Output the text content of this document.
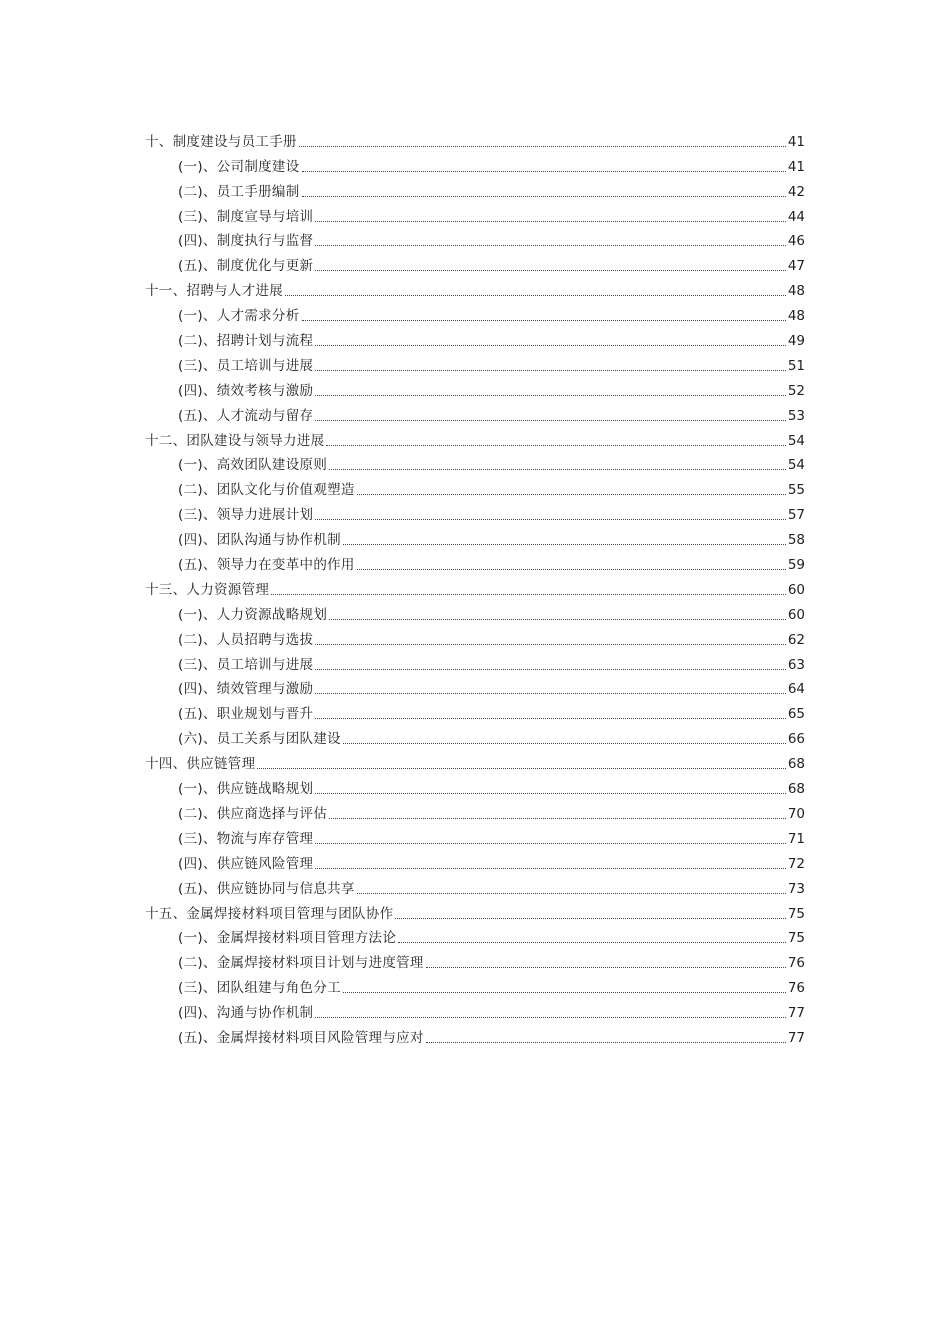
十、制度建设与员工手册	41
(一)、公司制度建设	41
(二)、员工手册编制	42
(三)、制度宣导与培训	44
(四)、制度执行与监督	46
(五)、制度优化与更新	47
十一、招聘与人才进展	48
(一)、人才需求分析	48
(二)、招聘计划与流程	49
(三)、员工培训与进展	51
(四)、绩效考核与激励	52
(五)、人才流动与留存	53
十二、团队建设与领导力进展	54
(一)、高效团队建设原则	54
(二)、团队文化与价值观塑造	55
(三)、领导力进展计划	57
(四)、团队沟通与协作机制	58
(五)、领导力在变革中的作用	59
十三、人力资源管理	60
(一)、人力资源战略规划	60
(二)、人员招聘与选拔	62
(三)、员工培训与进展	63
(四)、绩效管理与激励	64
(五)、职业规划与晋升	65
(六)、员工关系与团队建设	66
十四、供应链管理	68
(一)、供应链战略规划	68
(二)、供应商选择与评估	70
(三)、物流与库存管理	71
(四)、供应链风险管理	72
(五)、供应链协同与信息共享	73
十五、金属焊接材料项目管理与团队协作	75
(一)、金属焊接材料项目管理方法论	75
(二)、金属焊接材料项目计划与进度管理	76
(三)、团队组建与角色分工	76
(四)、沟通与协作机制	77
(五)、金属焊接材料项目风险管理与应对	77
